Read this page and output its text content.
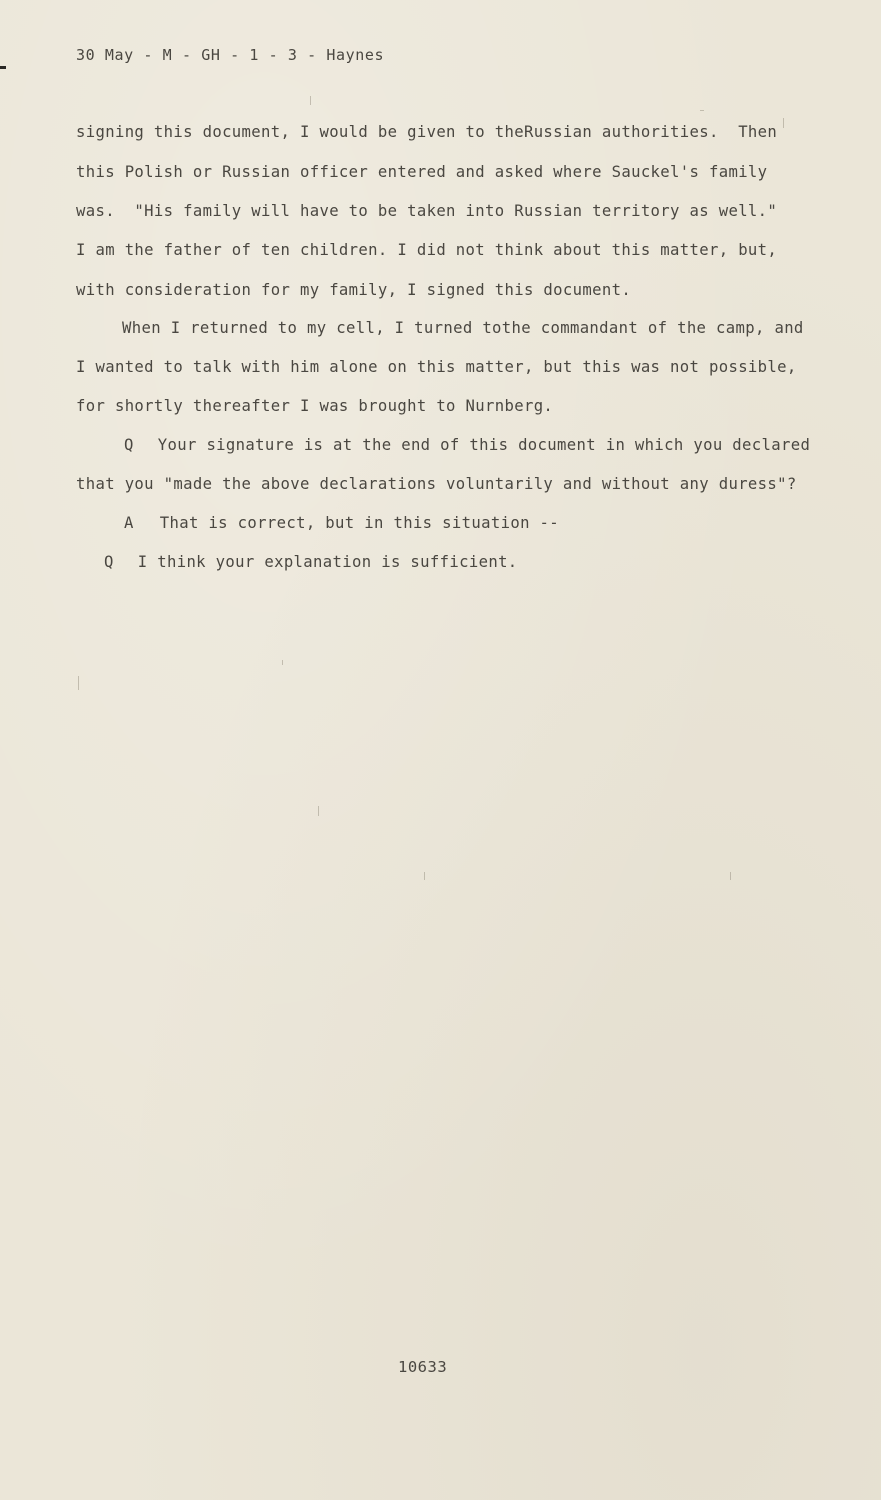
30 May - M - GH - 1 - 3 - Haynes
signing this document, I would be given to theRussian authorities.  Then
this Polish or Russian officer entered and asked where Sauckel's family
was.  "His family will have to be taken into Russian territory as well."
I am the father of ten children. I did not think about this matter, but,
with consideration for my family, I signed this document.
When I returned to my cell, I turned tothe commandant of the camp, and
I wanted to talk with him alone on this matter, but this was not possible,
for shortly thereafter I was brought to Nurnberg.
Q Your signature is at the end of this document in which you declared
that you "made the above declarations voluntarily and without any duress"?
A That is correct, but in this situation --
Q I think your explanation is sufficient.
10633
